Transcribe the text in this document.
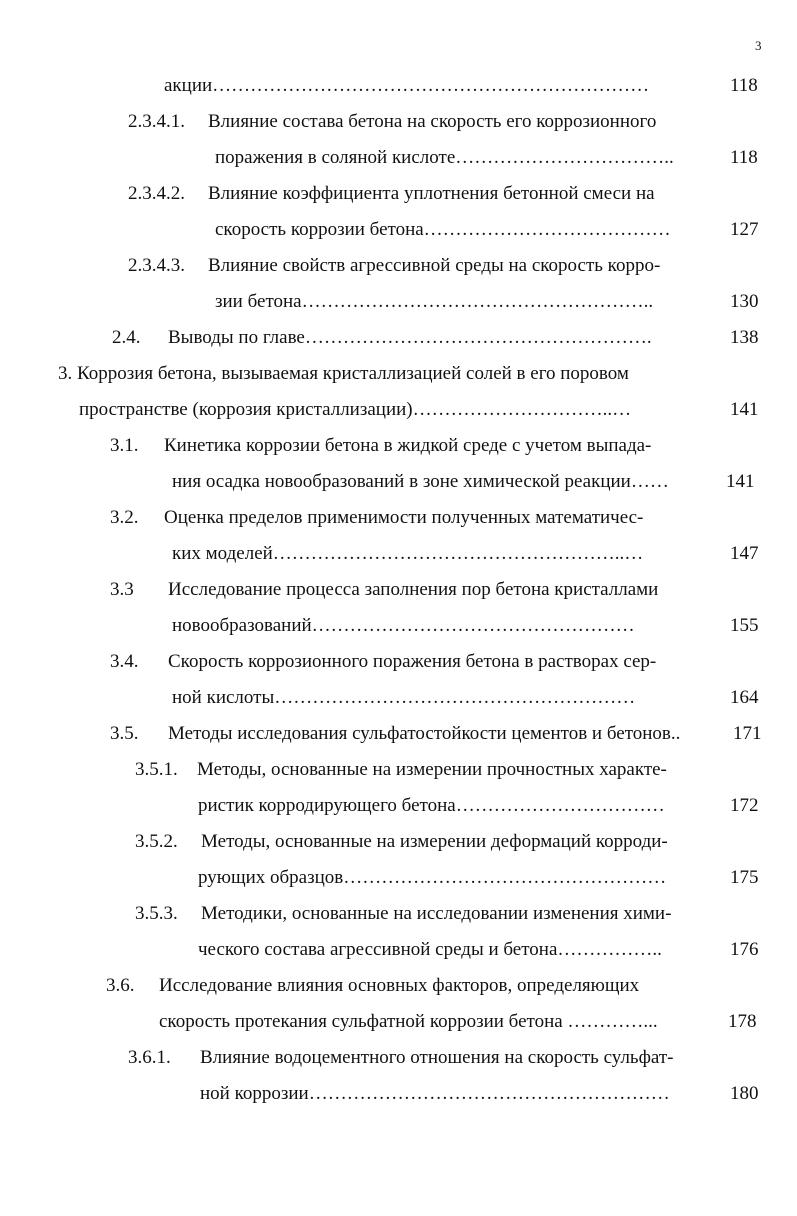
3
акции……………………………………………………………	118
2.3.4.1. Влияние состава бетона на скорость его коррозионного
поражения в соляной кислоте……………………………..	118
2.3.4.2. Влияние коэффициента уплотнения бетонной смеси на
скорость коррозии бетона…………………………………	127
2.3.4.3. Влияние свойств агрессивной среды на скорость корро-
зии бетона………………………………………………..	130
2.4. Выводы по главе……………………………………………….	138
3. Коррозия бетона, вызываемая кристаллизацией солей в его поровом
пространстве (коррозия кристаллизации)…………………………..…	141
3.1. Кинетика коррозии бетона в жидкой среде с учетом выпада-
ния осадка новообразований в зоне химической реакции……	141
3.2. Оценка пределов применимости полученных математичес-
ких моделей………………………………………………..…	147
3.3 Исследование процесса заполнения пор бетона кристаллами
новообразований……………………………………………	155
3.4. Скорость коррозионного поражения бетона в растворах сер-
ной кислоты…………………………………………………	164
3.5. Методы исследования сульфатостойкости цементов и бетонов..	171
3.5.1. Методы, основанные на измерении прочностных характе-
ристик корродирующего бетона……………………………	172
3.5.2. Методы, основанные на измерении деформаций корроди-
рующих образцов……………………………………………	175
3.5.3. Методики, основанные на исследовании изменения хими-
ческого состава агрессивной среды и бетона……………..	176
3.6. Исследование влияния основных факторов, определяющих
скорость протекания сульфатной коррозии бетона …………...	178
3.6.1. Влияние водоцементного отношения на скорость сульфат-
ной коррозии…………………………………………………	180
